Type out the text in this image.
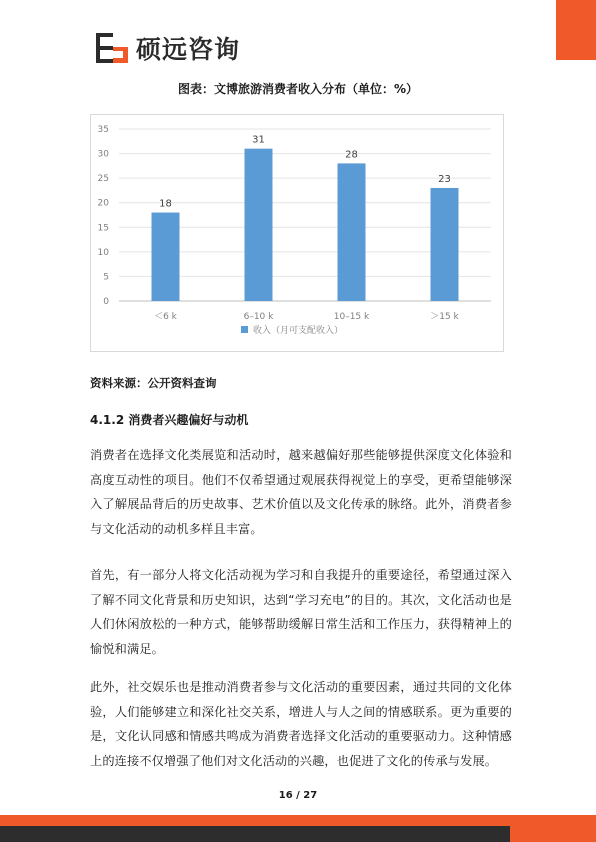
硕远咨询
图表：文博旅游消费者收入分布（单位：%）
0
5
10
15
20
25
30
35
18
＜6 k
31
6–10 k
28
10–15 k
23
＞15 k
收入（月可支配收入）
资料来源：公开资料查询
4.1.2 消费者兴趣偏好与动机

消费者在选择文化类展览和活动时，越来越偏好那些能够提供深度文化体验和高度互动性的项目。他们不仅希望通过观展获得视觉上的享受，更希望能够深入了解展品背后的历史故事、艺术价值以及文化传承的脉络。此外，消费者参与文化活动的动机多样且丰富。

首先，有一部分人将文化活动视为学习和自我提升的重要途径，希望通过深入了解不同文化背景和历史知识，达到“学习充电”的目的。其次，文化活动也是人们休闲放松的一种方式，能够帮助缓解日常生活和工作压力，获得精神上的愉悦和满足。

此外，社交娱乐也是推动消费者参与文化活动的重要因素，通过共同的文化体验，人们能够建立和深化社交关系，增进人与人之间的情感联系。更为重要的是，文化认同感和情感共鸣成为消费者选择文化活动的重要驱动力。这种情感上的连接不仅增强了他们对文化活动的兴趣，也促进了文化的传承与发展。

16 / 27
